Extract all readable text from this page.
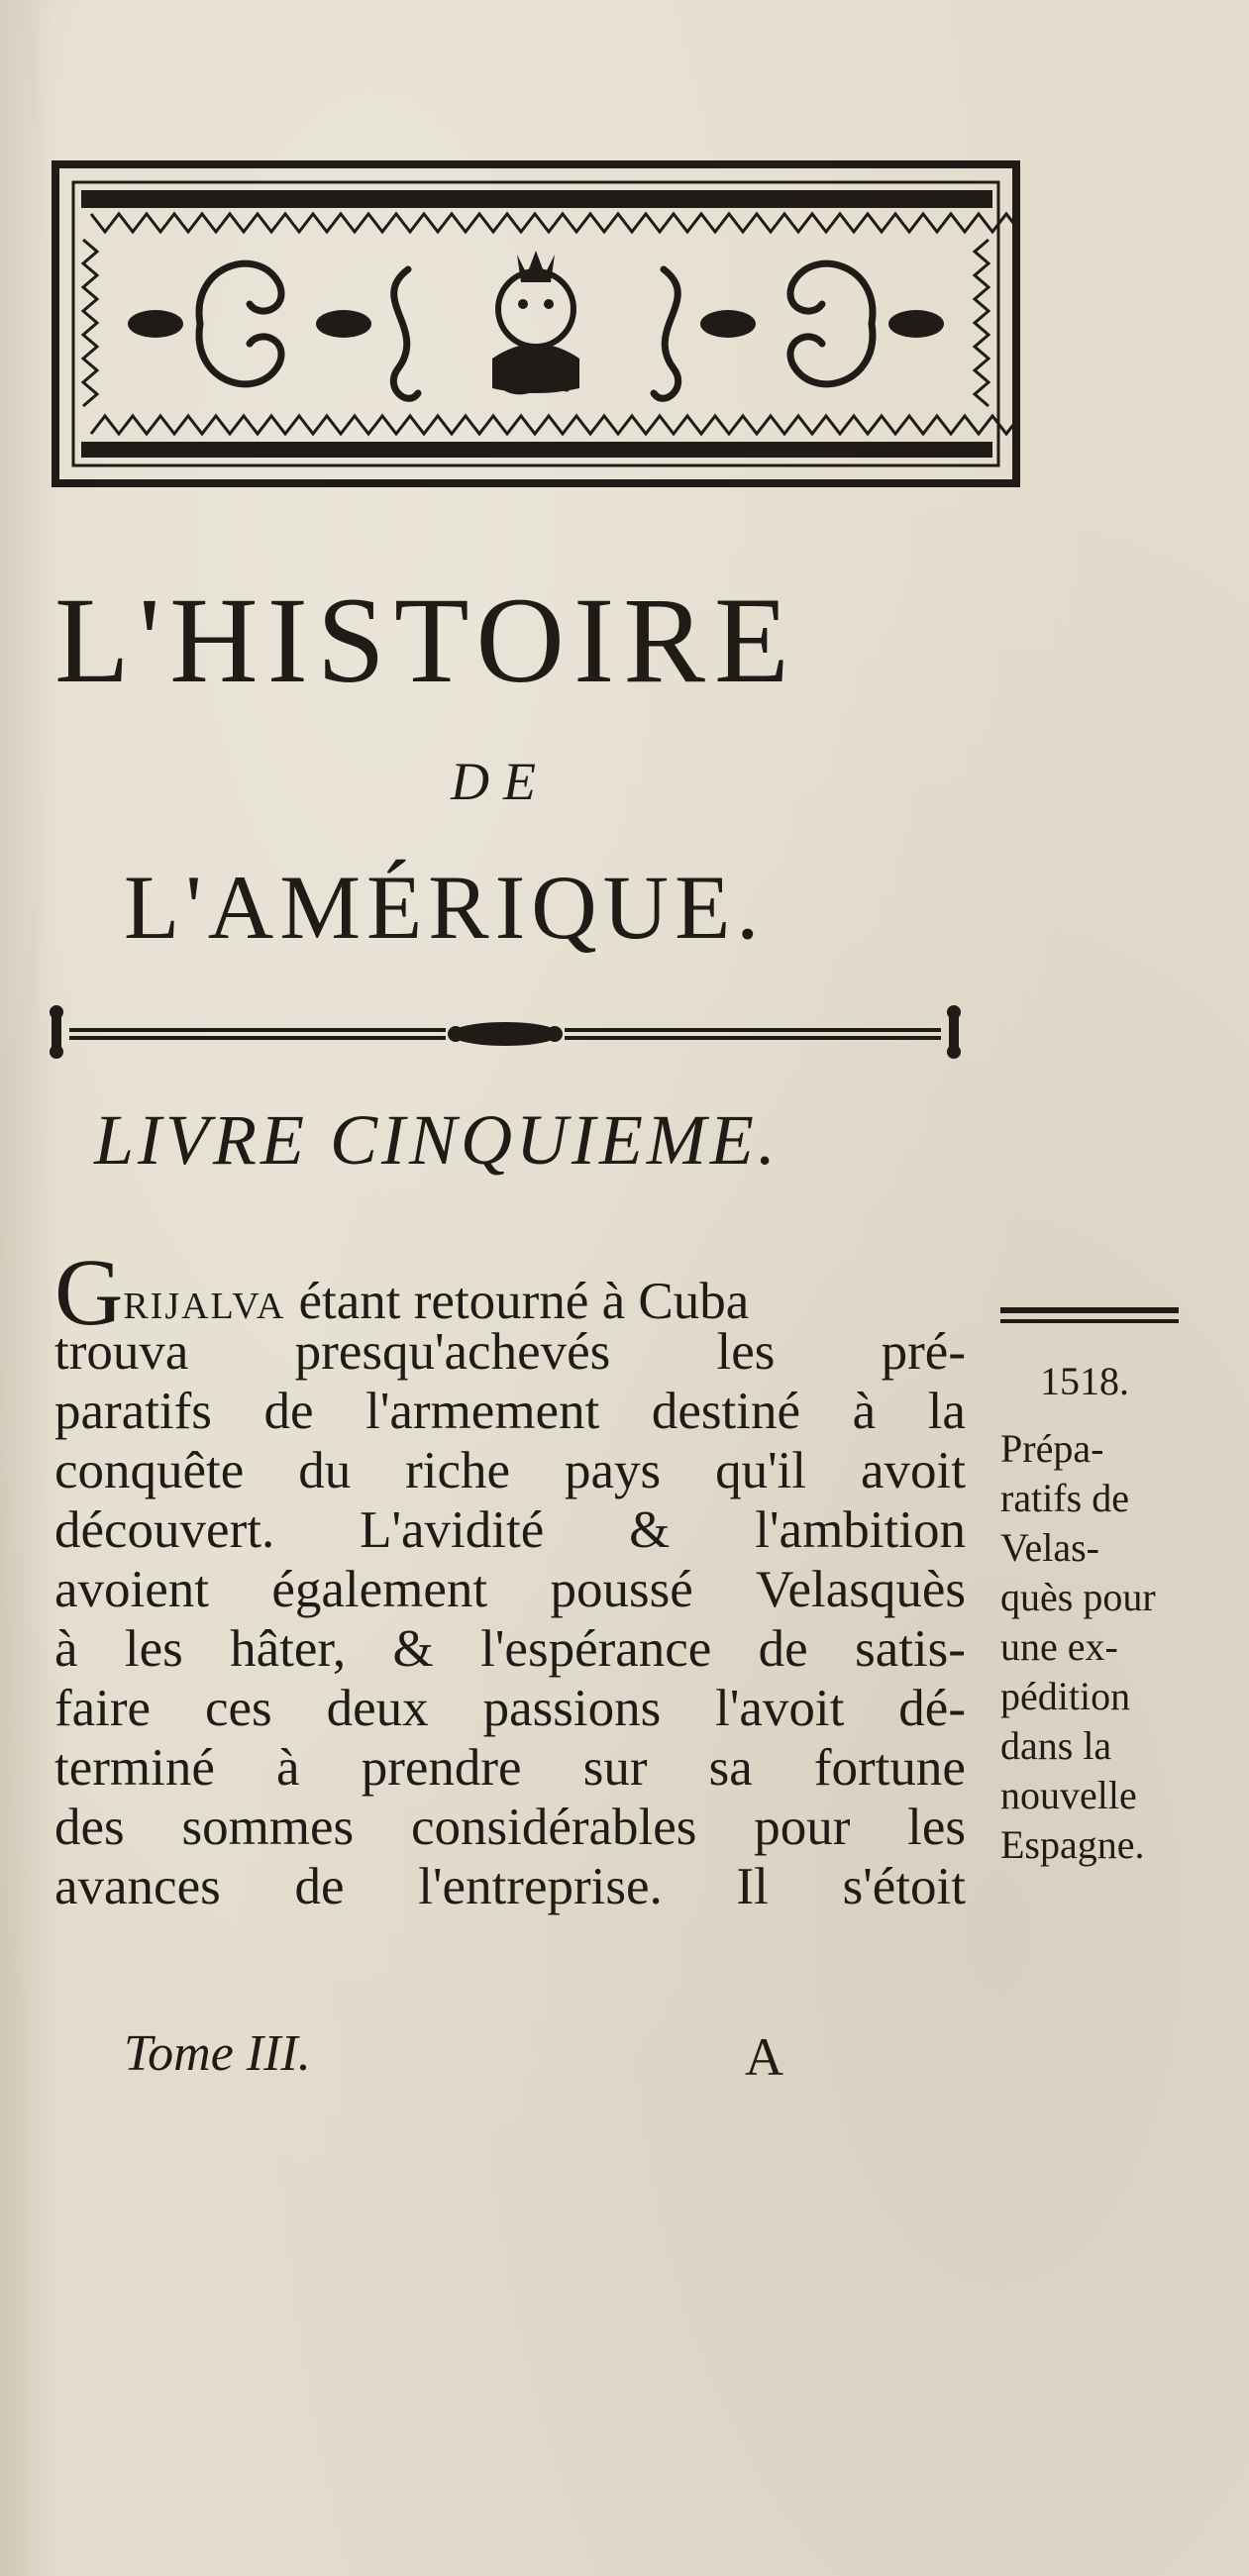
L'HISTOIRE
DE
L'AMÉRIQUE.
LIVRE CINQUIEME.
GRIJALVA étant retourné à Cuba
trouva presqu'achevés les pré-
paratifs de l'armement destiné à la
conquête du riche pays qu'il avoit
découvert. L'avidité & l'ambition
avoient également poussé Velasquès
à les hâter, & l'espérance de satis-
faire ces deux passions l'avoit dé-
terminé à prendre sur sa fortune
des sommes considérables pour les
avances de l'entreprise. Il s'étoit
1518.
Prépa-
ratifs de
Velas-
quès pour
une ex-
pédition
dans la
nouvelle
Espagne.
Tome III.	A
